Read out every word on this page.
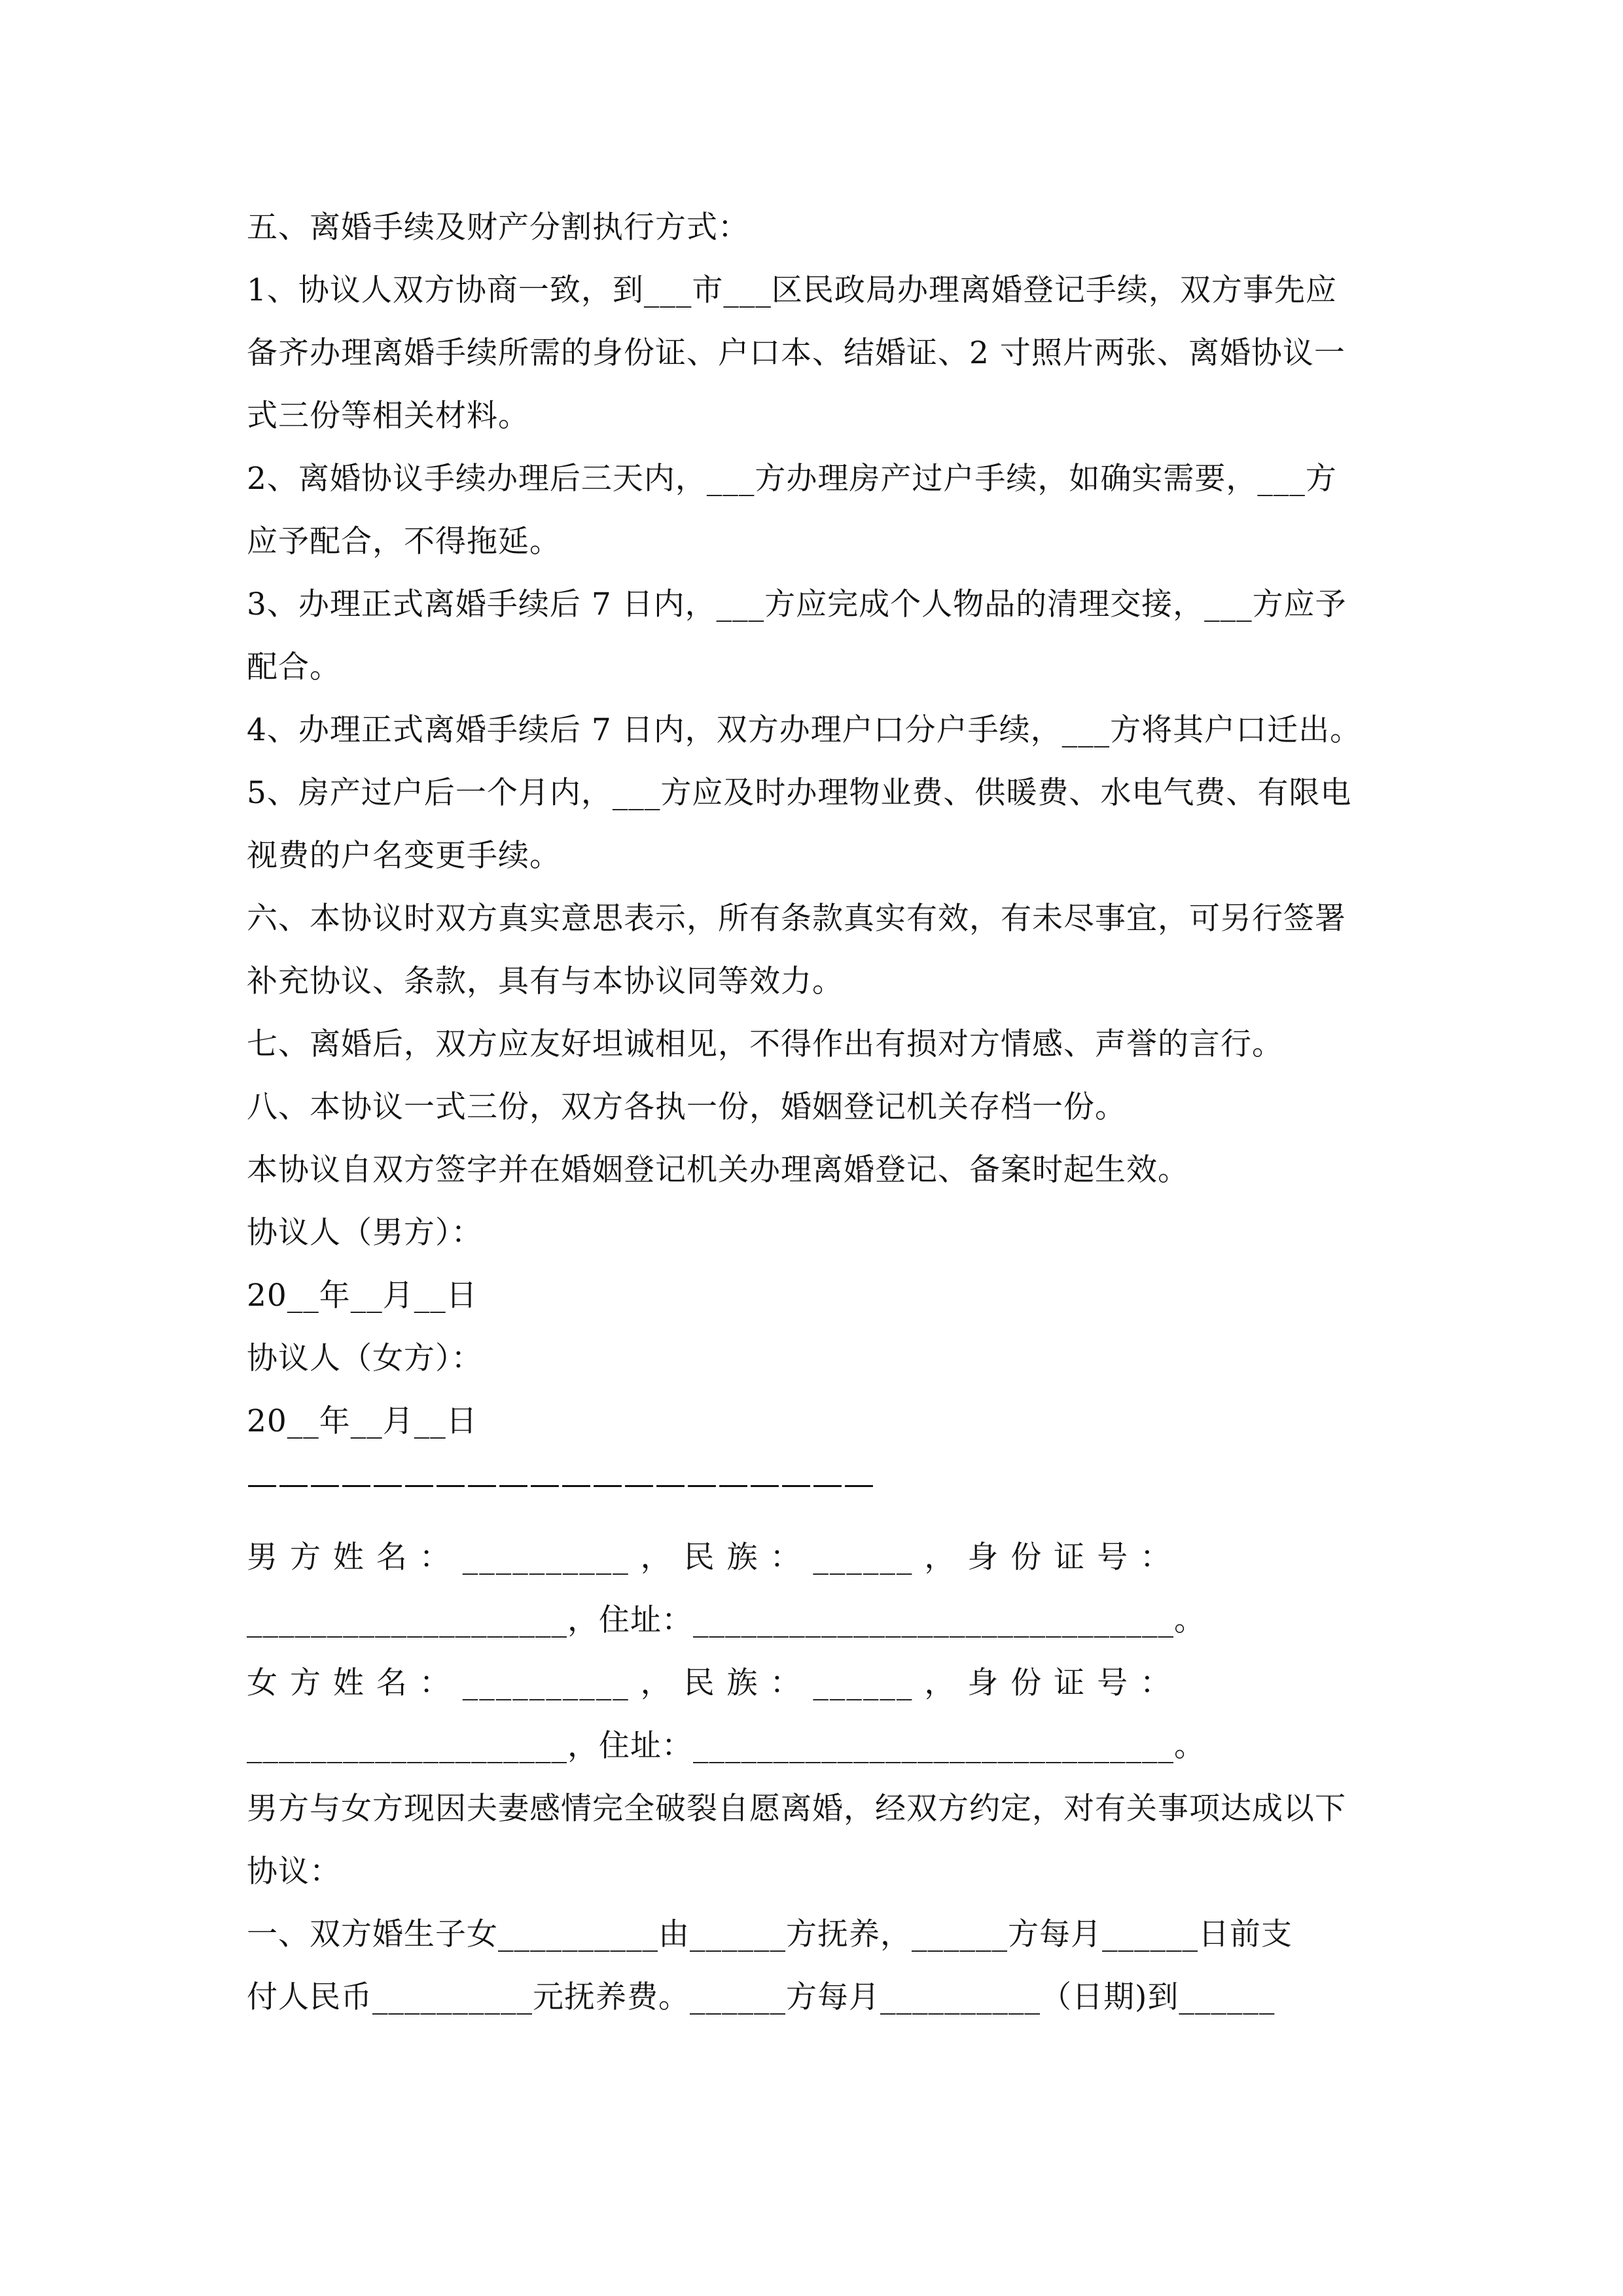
五、离婚手续及财产分割执行方式：
1、协议人双方协商一致，到___市___区民政局办理离婚登记手续，双方事先应
备齐办理离婚手续所需的身份证、户口本、结婚证、2 寸照片两张、离婚协议一
式三份等相关材料。
2、离婚协议手续办理后三天内，___方办理房产过户手续，如确实需要，___方
应予配合，不得拖延。
3、办理正式离婚手续后 7 日内，___方应完成个人物品的清理交接，___方应予
配合。
4、办理正式离婚手续后 7 日内，双方办理户口分户手续，___方将其户口迁出。
5、房产过户后一个月内，___方应及时办理物业费、供暖费、水电气费、有限电
视费的户名变更手续。
六、本协议时双方真实意思表示，所有条款真实有效，有未尽事宜，可另行签署
补充协议、条款，具有与本协议同等效力。
七、离婚后，双方应友好坦诚相见，不得作出有损对方情感、声誉的言行。
八、本协议一式三份，双方各执一份，婚姻登记机关存档一份。
本协议自双方签字并在婚姻登记机关办理离婚登记、备案时起生效。
协议人（男方）：
20__年__月__日
协议人（女方）：
20__年__月__日
————————————————————
男 方 姓 名 ： __________ ， 民 族 ： ______ ， 身 份 证 号 ：
____________________，住址：______________________________。
女 方 姓 名 ： __________ ， 民 族 ： ______ ， 身 份 证 号 ：
____________________，住址：______________________________。
男方与女方现因夫妻感情完全破裂自愿离婚，经双方约定，对有关事项达成以下
协议：
一、双方婚生子女__________由______方抚养，______方每月______日前支
付人民币__________元抚养费。______方每月__________（日期)到______
